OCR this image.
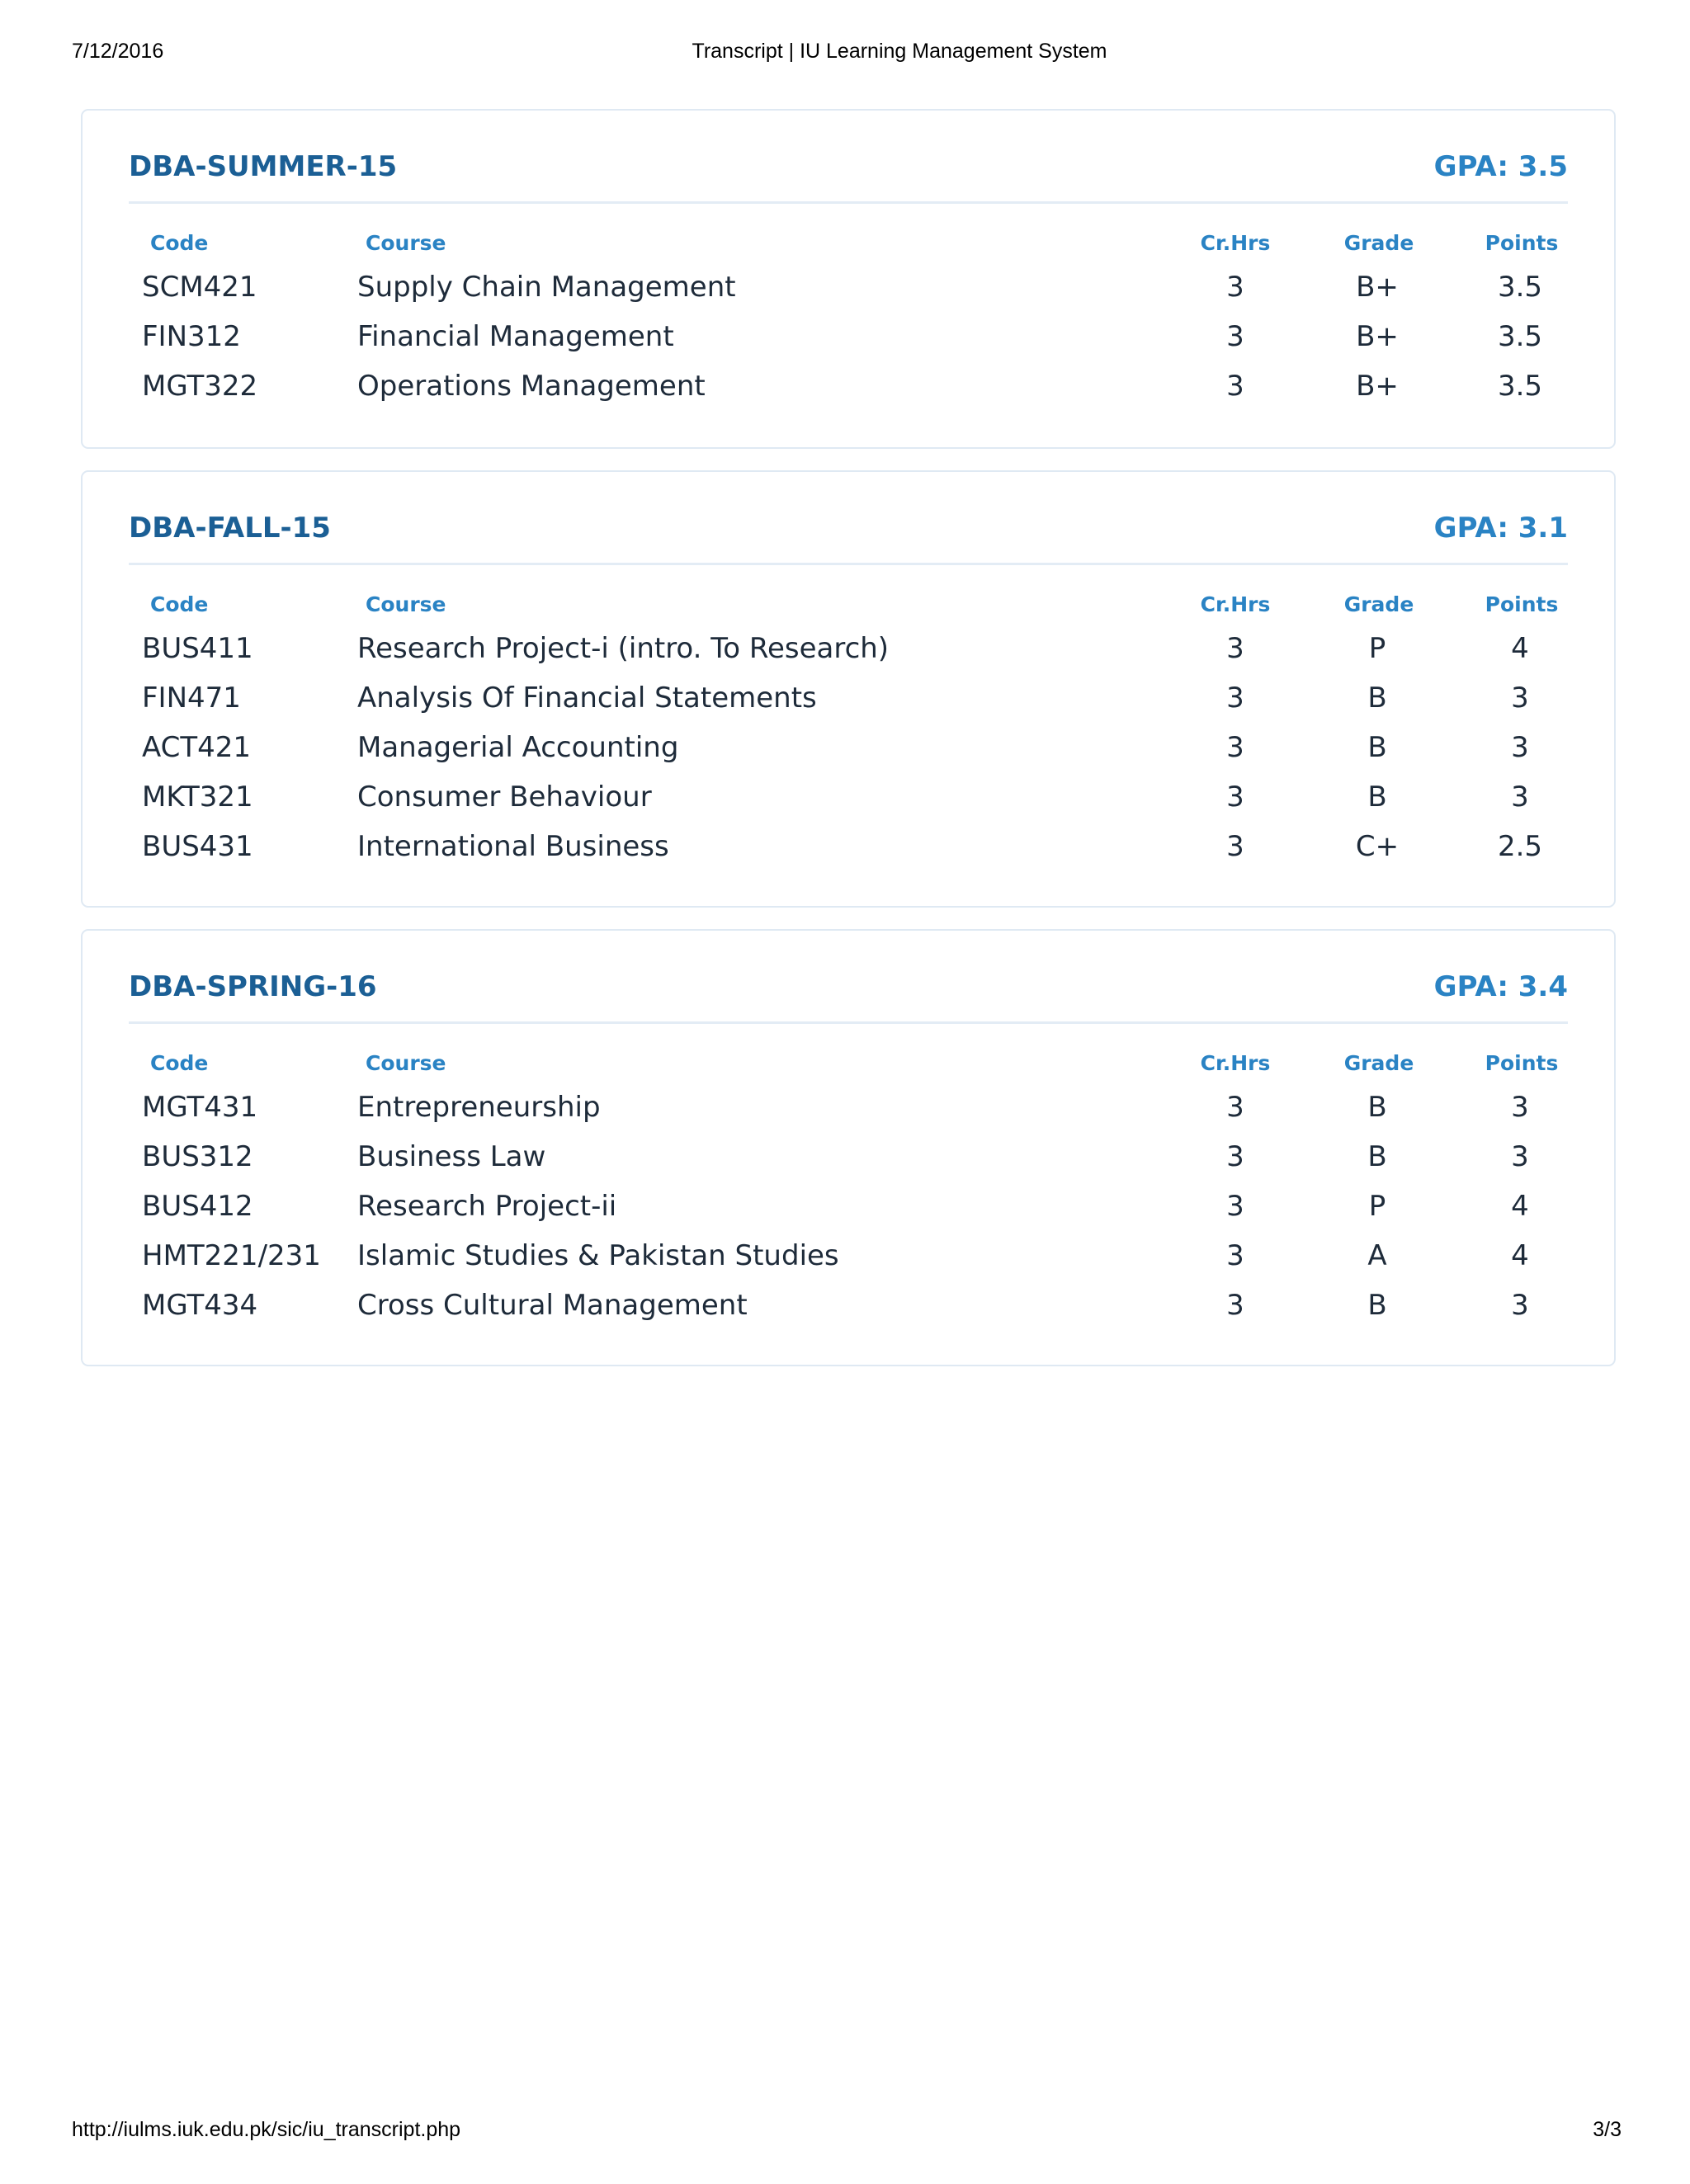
7/12/2016	Transcript | IU Learning Management System
DBA-SUMMER-15	GPA: 3.5
Code	Course	Cr.Hrs	Grade	Points
SCM421	Supply Chain Management	3	B+	3.5
FIN312	Financial Management	3	B+	3.5
MGT322	Operations Management	3	B+	3.5
DBA-FALL-15	GPA: 3.1
Code	Course	Cr.Hrs	Grade	Points
BUS411	Research Project-i (intro. To Research)	3	P	4
FIN471	Analysis Of Financial Statements	3	B	3
ACT421	Managerial Accounting	3	B	3
MKT321	Consumer Behaviour	3	B	3
BUS431	International Business	3	C+	2.5
DBA-SPRING-16	GPA: 3.4
Code	Course	Cr.Hrs	Grade	Points
MGT431	Entrepreneurship	3	B	3
BUS312	Business Law	3	B	3
BUS412	Research Project-ii	3	P	4
HMT221/231 Islamic Studies & Pakistan Studies	3	A	4
MGT434	Cross Cultural Management	3	B	3
http://iulms.iuk.edu.pk/sic/iu_transcript.php	3/3
